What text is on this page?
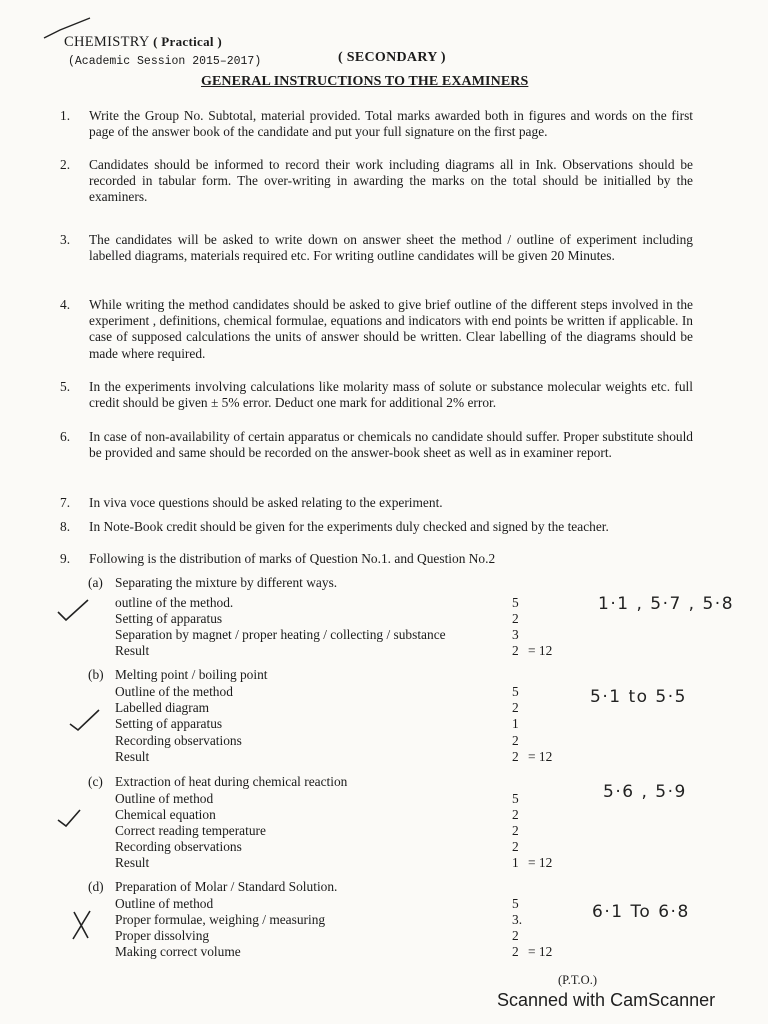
CHEMISTRY ( Practical )
(Academic Session 2015–2017)	( SECONDARY )
GENERAL INSTRUCTIONS TO THE EXAMINERS
1.	Write the Group No. Subtotal, material provided. Total marks awarded both in figures and words on the first page of the answer book of the candidate and put your full signature on the first page.
2.	Candidates should be informed to record their work including diagrams all in Ink. Observations should be recorded in tabular form. The over-writing in awarding the marks on the total should be initialled by the examiners.
3.	The candidates will be asked to write down on answer sheet the method / outline of experiment including labelled diagrams, materials required etc. For writing outline candidates will be given 20 Minutes.
4.	While writing the method candidates should be asked to give brief outline of the different steps involved in the experiment , definitions, chemical formulae, equations and indicators with end points be written if applicable. In case of supposed calculations the units of answer should be written. Clear labelling of the diagrams should be made where required.
5.	In the experiments involving calculations like molarity mass of solute or substance molecular weights etc. full credit should be given ± 5% error. Deduct one mark for additional 2% error.
6.	In case of non-availability of certain apparatus or chemicals no candidate should suffer. Proper substitute should be provided and same should be recorded on the answer-book sheet as well as in examiner report.
7.	In viva voce questions should be asked relating to the experiment.
8.	In Note-Book credit should be given for the experiments duly checked and signed by the teacher.
9.	Following is the distribution of marks of Question No.1. and Question No.2
(a) Separating the mixture by different ways.
outline of the method.	5
Setting of apparatus	2
Separation by magnet / proper heating / collecting / substance	3
Result	2 = 12
1·1 , 5·7 , 5·8
(b) Melting point / boiling point
Outline of the method	5
Labelled diagram	2
Setting of apparatus	1
Recording observations	2
Result	2 = 12
5·1 to 5·5
(c) Extraction of heat during chemical reaction
Outline of method	5
Chemical equation	2
Correct reading temperature	2
Recording observations	2
Result	1 = 12
5·6 , 5·9
(d) Preparation of Molar / Standard Solution.
Outline of method	5
Proper formulae, weighing / measuring	3.
Proper dissolving	2
Making correct volume	2 = 12
6·1 To 6·8
(P.T.O.)
Scanned with CamScanner
